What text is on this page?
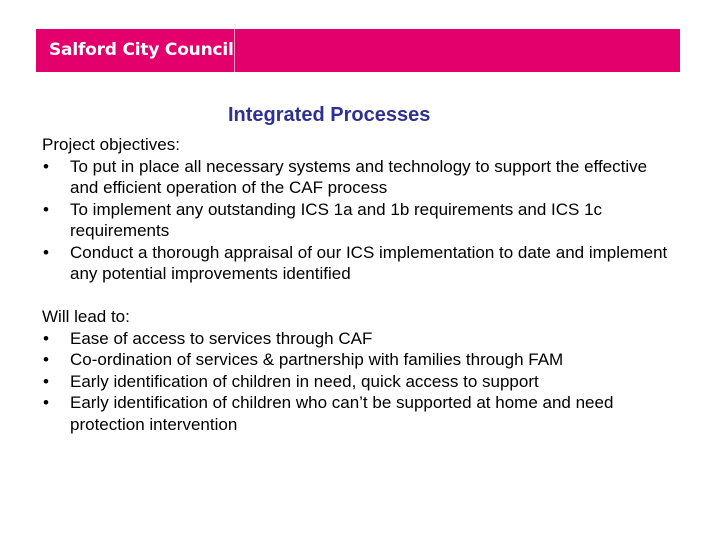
Salford City Council
Integrated Processes

Project objectives:

• To put in place all necessary systems and technology to support the effective and efficient operation of the CAF process
• To implement any outstanding ICS 1a and 1b requirements and ICS 1c requirements
• Conduct a thorough appraisal of our ICS implementation to date and implement any potential improvements identified

Will lead to:

• Ease of access to services through CAF
• Co-ordination of services & partnership with families through FAM
• Early identification of children in need, quick access to support
• Early identification of children who can’t be supported at home and need protection intervention
